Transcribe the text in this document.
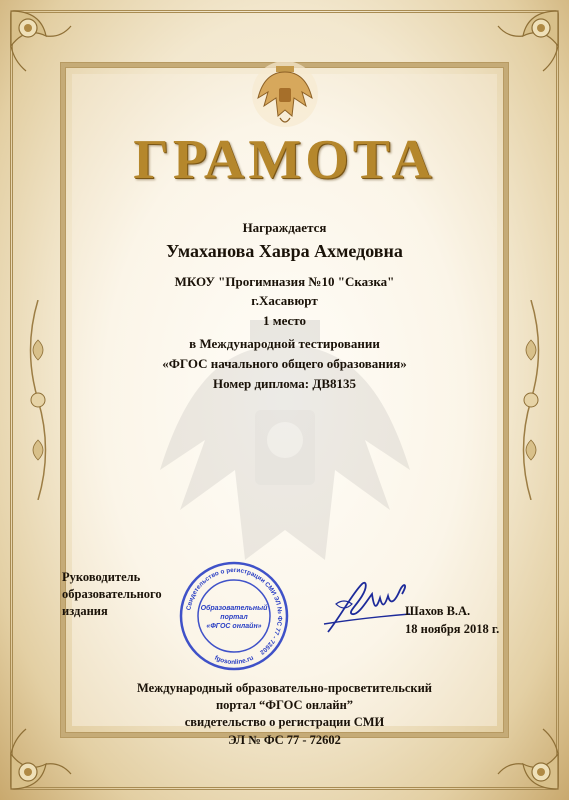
ГРАМОТА
Награждается
Умаханова Хавра Ахмедовна
МКОУ "Прогимназия №10 "Сказка"
г.Хасавюрт
1 место
в Международной тестировании
«ФГОС начального общего образования»
Номер диплома: ДВ8135
Руководитель образовательного
издания	Свидетельство о регистрации СМИ ЭЛ № ФС 77 - 72602
fgosonline.ru
Образовательный
портал
«ФГОС онлайн»
Шахов В.А.
18 ноября 2018 г.
Международный образовательно-просветительский
портал “ФГОС онлайн”
свидетельство о регистрации СМИ
ЭЛ № ФС 77 - 72602
